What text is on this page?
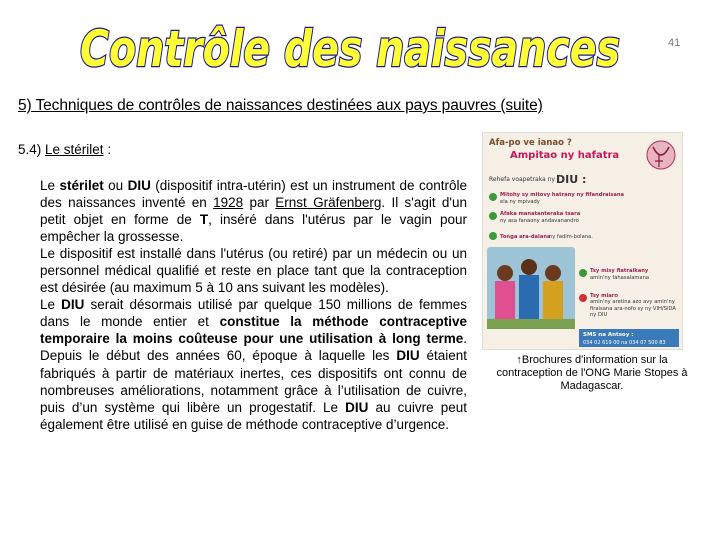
Contrôle des naissances	41
5) Techniques de contrôles de naissances destinées aux pays pauvres (suite)
5.4) Le stérilet :
Le stérilet ou DIU (dispositif intra-utérin) est un instrument de contrôle des naissances inventé en 1928 par Ernst Gräfenberg. Il s'agit d'un petit objet en forme de T, inséré dans l'utérus par le vagin pour empêcher la grossesse.
Le dispositif est installé dans l'utérus (ou retiré) par un médecin ou un personnel médical qualifié et reste en place tant que la contraception est désirée (au maximum 5 à 10 ans suivant les modèles).
Le DIU serait désormais utilisé par quelque 150 millions de femmes dans le monde entier et constitue la méthode contraceptive temporaire la moins coûteuse pour une utilisation à long terme. Depuis le début des années 60, époque à laquelle les DIU étaient fabriqués à partir de matériaux inertes, ces dispositifs ont connu de nombreuses améliorations, notamment grâce à l’utilisation de cuivre, puis d’un système qui libère un progestatif. Le DIU au cuivre peut également être utilisé en guise de méthode contraceptive d’urgence.
Afa-po ve ianao ?
Ampitao ny hafatra
Rehefa voapetraka ny DIU :
Mitohy sy mitovy hatrany ny fifandraisana
ela ny mpivady
Afaka manatanteraka tsara
ny asa fanaony andavanandro
Tonga ara-dalana
ny fadim-bolana.
Tsy misy fiatraikany
amin'ny fahasalamana
Tsy miaro
amin'ny aretina azo avy amin'ny firaisana ara-nofo sy ny VIH/SIDA ny DIU
SMS na Antsoy :
034 02 619 00 na 034 07 500 83
↑Brochures d'information sur la contraception de l'ONG Marie Stopes à Madagascar.
